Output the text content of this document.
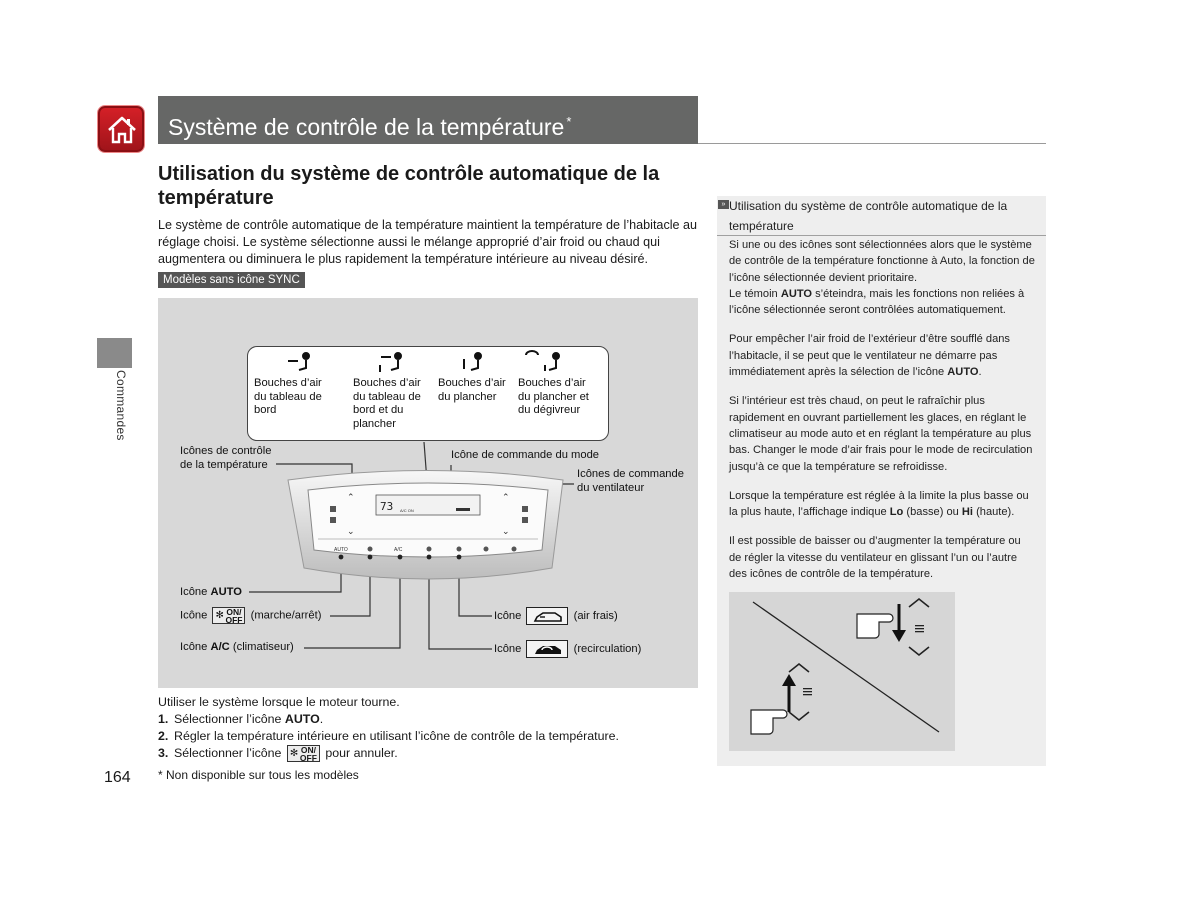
Système de contrôle de la température *
Commandes
Utilisation du système de contrôle automatique de la température
Le système de contrôle automatique de la température maintient la température de l’habitacle au réglage choisi. Le système sélectionne aussi le mélange approprié d’air froid ou chaud qui augmentera ou diminuera le plus rapidement la température intérieure au niveau désiré.
Modèles sans icône SYNC
73 A/C ON
⌃
⌄
⌃
⌄
AUTO	A/C
Bouches d’air
du tableau de
bord
Bouches d’air
du tableau de
bord et du
plancher
Bouches d’air
du plancher
Bouches d’air
du plancher et
du dégivreur
Icônes de contrôle
de la température
Icône de commande du mode
Icônes de commande
du ventilateur
Icône AUTO
Icône ✻ ON/
OFF (marche/arrêt)
Icône A/C (climatiseur)
Icône	(air frais)
Icône	(recirculation)
Utiliser le système lorsque le moteur tourne.
1. Sélectionner l’icône AUTO.
2. Régler la température intérieure en utilisant l’icône de contrôle de la température.
3. Sélectionner l’icône ✻ ON/
OFF pour annuler.
164 * Non disponible sur tous les modèles
» Utilisation du système de contrôle automatique de la température

Si une ou des icônes sont sélectionnées alors que le système de contrôle de la température fonctionne à Auto, la fonction de l’icône sélectionnée devient prioritaire.
Le témoin AUTO s’éteindra, mais les fonctions non reliées à l’icône sélectionnée seront contrôlées automatiquement.

Pour empêcher l’air froid de l’extérieur d’être soufflé dans l’habitacle, il se peut que le ventilateur ne démarre pas immédiatement après la sélection de l’icône AUTO.

Si l’intérieur est très chaud, on peut le rafraîchir plus rapidement en ouvrant partiellement les glaces, en réglant le climatiseur au mode auto et en réglant la température au plus bas. Changer le mode d’air frais pour le mode de recirculation jusqu’à ce que la température se refroidisse.

Lorsque la température est réglée à la limite la plus basse ou la plus haute, l’affichage indique Lo (basse) ou Hi (haute).

Il est possible de baisser ou d’augmenter la température ou de régler la vitesse du ventilateur en glissant l’un ou l’autre des icônes de contrôle de la température.
